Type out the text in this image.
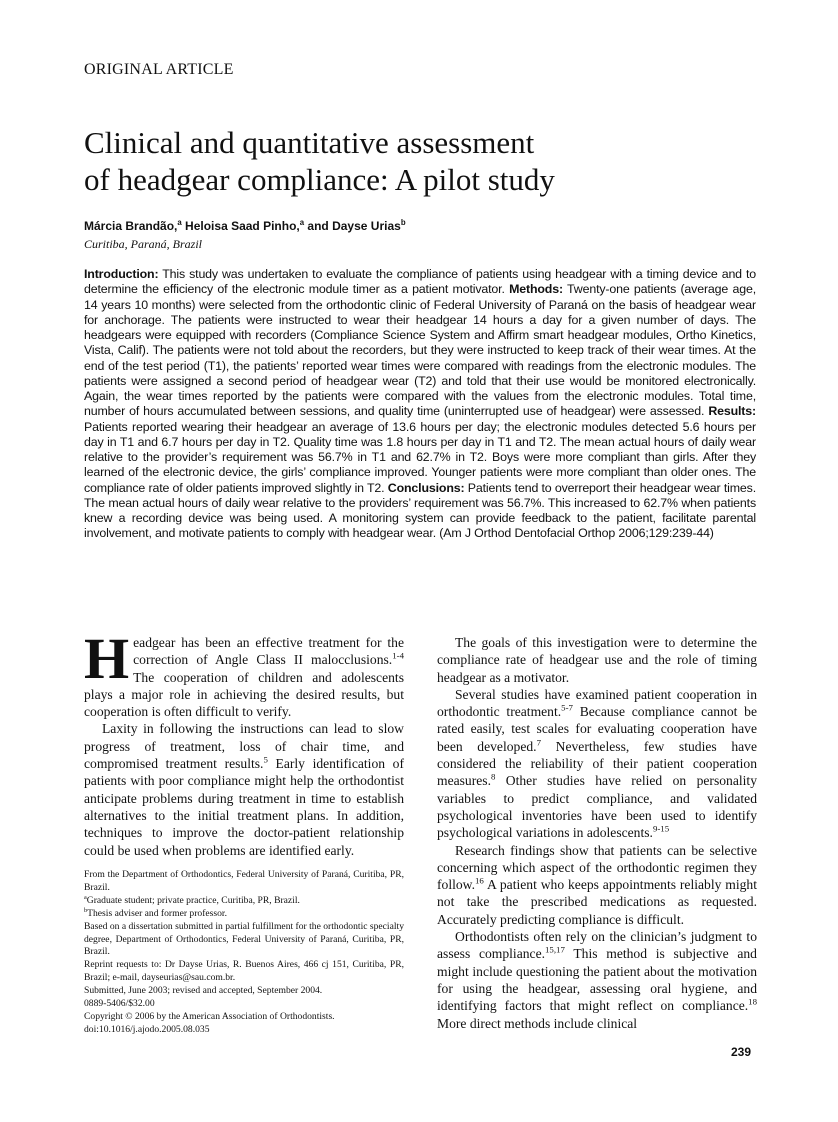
ORIGINAL ARTICLE
Clinical and quantitative assessment
of headgear compliance: A pilot study
Márcia Brandão,$^a$ Heloisa Saad Pinho,$^a$ and Dayse Urias$^b$
Curitiba, Paraná, Brazil
Introduction: This study was undertaken to evaluate the compliance of patients using headgear with a timing device and to determine the efficiency of the electronic module timer as a patient motivator. Methods: Twenty-one patients (average age, 14 years 10 months) were selected from the orthodontic clinic of Federal University of Paraná on the basis of headgear wear for anchorage. The patients were instructed to wear their headgear 14 hours a day for a given number of days. The headgears were equipped with recorders (Compliance Science System and Affirm smart headgear modules, Ortho Kinetics, Vista, Calif). The patients were not told about the recorders, but they were instructed to keep track of their wear times. At the end of the test period (T1), the patients’ reported wear times were compared with readings from the electronic modules. The patients were assigned a second period of headgear wear (T2) and told that their use would be monitored electronically. Again, the wear times reported by the patients were compared with the values from the electronic modules. Total time, number of hours accumulated between sessions, and quality time (uninterrupted use of headgear) were assessed. Results: Patients reported wearing their headgear an average of 13.6 hours per day; the electronic modules detected 5.6 hours per day in T1 and 6.7 hours per day in T2. Quality time was 1.8 hours per day in T1 and T2. The mean actual hours of daily wear relative to the provider’s requirement was 56.7% in T1 and 62.7% in T2. Boys were more compliant than girls. After they learned of the electronic device, the girls’ compliance improved. Younger patients were more compliant than older ones. The compliance rate of older patients improved slightly in T2. Conclusions: Patients tend to overreport their headgear wear times. The mean actual hours of daily wear relative to the providers’ requirement was 56.7%. This increased to 62.7% when patients knew a recording device was being used. A monitoring system can provide feedback to the patient, facilitate parental involvement, and motivate patients to comply with headgear wear. (Am J Orthod Dentofacial Orthop 2006;129:239-44)

Headgear has been an effective treatment for the correction of Angle Class II malocclusions.$^{1-4}$ The cooperation of children and adolescents plays a major role in achieving the desired results, but cooperation is often difficult to verify.

Laxity in following the instructions can lead to slow progress of treatment, loss of chair time, and compromised treatment results.$^5$ Early identification of patients with poor compliance might help the orthodontist anticipate problems during treatment in time to establish alternatives to the initial treatment plans. In addition, techniques to improve the doctor-patient relationship could be used when problems are identified early.

The goals of this investigation were to determine the compliance rate of headgear use and the role of timing headgear as a motivator.

Several studies have examined patient cooperation in orthodontic treatment.$^{5-7}$ Because compliance cannot be rated easily, test scales for evaluating cooperation have been developed.$^7$ Nevertheless, few studies have considered the reliability of their patient cooperation measures.$^8$ Other studies have relied on personality variables to predict compliance, and validated psychological inventories have been used to identify psychological variations in adolescents.$^{9-15}$

Research findings show that patients can be selective concerning which aspect of the orthodontic regimen they follow.$^{16}$ A patient who keeps appointments reliably might not take the prescribed medications as requested. Accurately predicting compliance is difficult.

Orthodontists often rely on the clinician’s judgment to assess compliance.$^{15,17}$ This method is subjective and might include questioning the patient about the motivation for using the headgear, assessing oral hygiene, and identifying factors that might reflect on compliance.$^{18}$ More direct methods include clinical

From the Department of Orthodontics, Federal University of Paraná, Curitiba, PR, Brazil.
$^a$Graduate student; private practice, Curitiba, PR, Brazil.
$^b$Thesis adviser and former professor.
Based on a dissertation submitted in partial fulfillment for the orthodontic specialty degree, Department of Orthodontics, Federal University of Paraná, Curitiba, PR, Brazil.
Reprint requests to: Dr Dayse Urias, R. Buenos Aires, 466 cj 151, Curitiba, PR, Brazil; e-mail, dayseurias@sau.com.br.
Submitted, June 2003; revised and accepted, September 2004.
0889-5406/$32.00
Copyright © 2006 by the American Association of Orthodontists.
doi:10.1016/j.ajodo.2005.08.035
239
